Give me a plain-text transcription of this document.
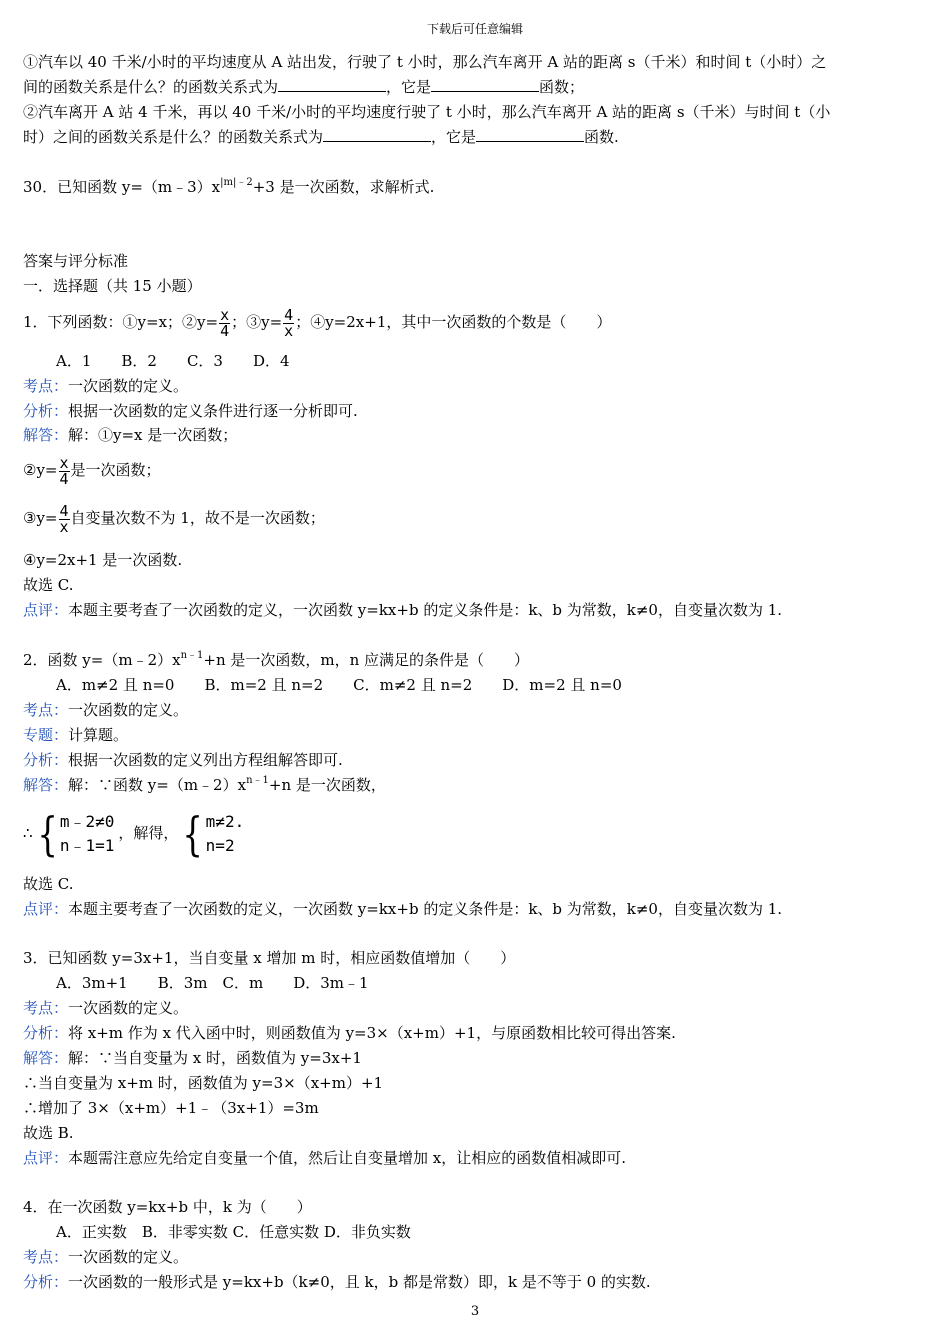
下载后可任意编辑
①汽车以 40 千米/小时的平均速度从 A 站出发，行驶了 t 小时，那么汽车离开 A 站的距离 s（千米）和时间 t（小时）之
间的函数关系是什么？的函数关系式为	，它是	函数；
②汽车离开 A 站 4 千米，再以 40 千米/小时的平均速度行驶了 t 小时，那么汽车离开 A 站的距离 s（千米）与时间 t（小
时）之间的函数关系是什么？的函数关系式为	，它是	函数.
30．已知函数 $y=(m﹣3)x^{|m|﹣2}+3$ 是一次函数，求解析式.
答案与评分标准
一．选择题（共 15 小题）
1．下列函数：①y=x；②y= $\frac{x}{4}$ ；③y= $\frac{4}{x}$ ；④y=2x+1，其中一次函数的个数是（　　）
A．1　　B．2　　C．3　　D．4
考点：一次函数的定义。
分析：根据一次函数的定义条件进行逐一分析即可.
解答：解：①y=x 是一次函数；
②y= $\frac{x}{4}$ 是一次函数；
③y= $\frac{4}{x}$ 自变量次数不为 1，故不是一次函数；
④y=2x+1 是一次函数.
故选 C.
点评：本题主要考查了一次函数的定义，一次函数 y=kx+b 的定义条件是：k、b 为常数，k≠0，自变量次数为 1.
2．函数 $y=(m﹣2)x^{n﹣1}+n$ 是一次函数，m，n 应满足的条件是（　　）
A．m≠2 且 n=0　　B．m=2 且 n=2　　C．m≠2 且 n=2　　D．m=2 且 n=0
考点：一次函数的定义。
专题：计算题。
分析：根据一次函数的定义列出方程组解答即可.
解答：解：∵函数 $y=(m﹣2)x^{n﹣1}+n$ 是一次函数，
∴{ m﹣2≠0
n﹣1=1
，解得，{ m≠2.
n=2
故选 C.
点评：本题主要考查了一次函数的定义，一次函数 y=kx+b 的定义条件是：k、b 为常数，k≠0，自变量次数为 1.
3．已知函数 y=3x+1，当自变量 x 增加 m 时，相应函数值增加（　　）
A．3m+1　　B．3m　C．m　　D．3m﹣1
考点：一次函数的定义。
分析：将 x+m 作为 x 代入函中时，则函数值为 y=3×（x+m）+1，与原函数相比较可得出答案.
解答：解：∵当自变量为 x 时，函数值为 y=3x+1
∴当自变量为 x+m 时，函数值为 y=3×（x+m）+1
∴增加了 3×（x+m）+1﹣（3x+1）=3m
故选 B.
点评：本题需注意应先给定自变量一个值，然后让自变量增加 x，让相应的函数值相减即可.
4．在一次函数 y=kx+b 中，k 为（　　）
A．正实数　B．非零实数 C．任意实数 D．非负实数
考点：一次函数的定义。
分析：一次函数的一般形式是 y=kx+b（k≠0，且 k，b 都是常数）即，k 是不等于 0 的实数.
3
